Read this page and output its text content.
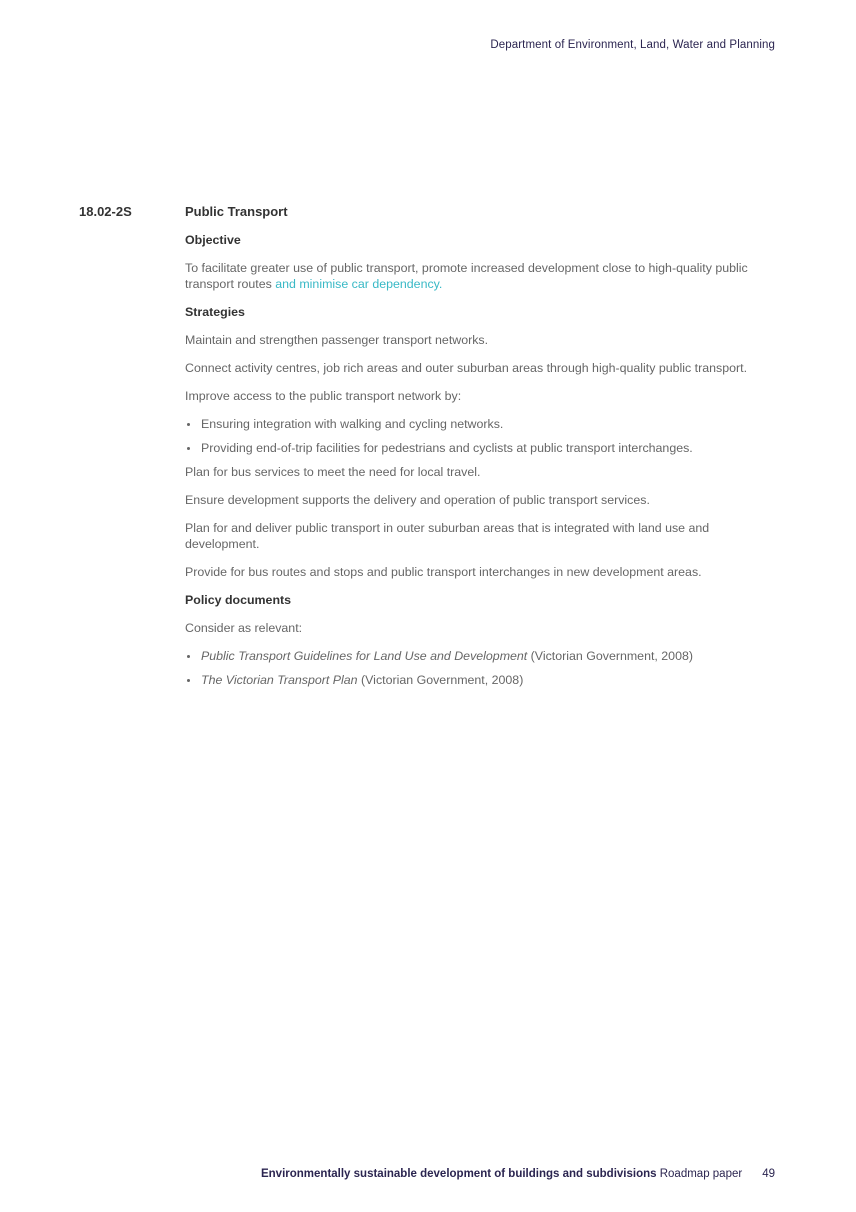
Department of Environment, Land, Water and Planning
18.02-2S	Public Transport
Objective
To facilitate greater use of public transport, promote increased development close to high-quality public transport routes and minimise car dependency.
Strategies
Maintain and strengthen passenger transport networks.
Connect activity centres, job rich areas and outer suburban areas through high-quality public transport.
Improve access to the public transport network by:
Ensuring integration with walking and cycling networks.
Providing end-of-trip facilities for pedestrians and cyclists at public transport interchanges.
Plan for bus services to meet the need for local travel.
Ensure development supports the delivery and operation of public transport services.
Plan for and deliver public transport in outer suburban areas that is integrated with land use and development.
Provide for bus routes and stops and public transport interchanges in new development areas.
Policy documents
Consider as relevant:
Public Transport Guidelines for Land Use and Development (Victorian Government, 2008)
The Victorian Transport Plan (Victorian Government, 2008)
Environmentally sustainable development of buildings and subdivisions Roadmap paper 49
